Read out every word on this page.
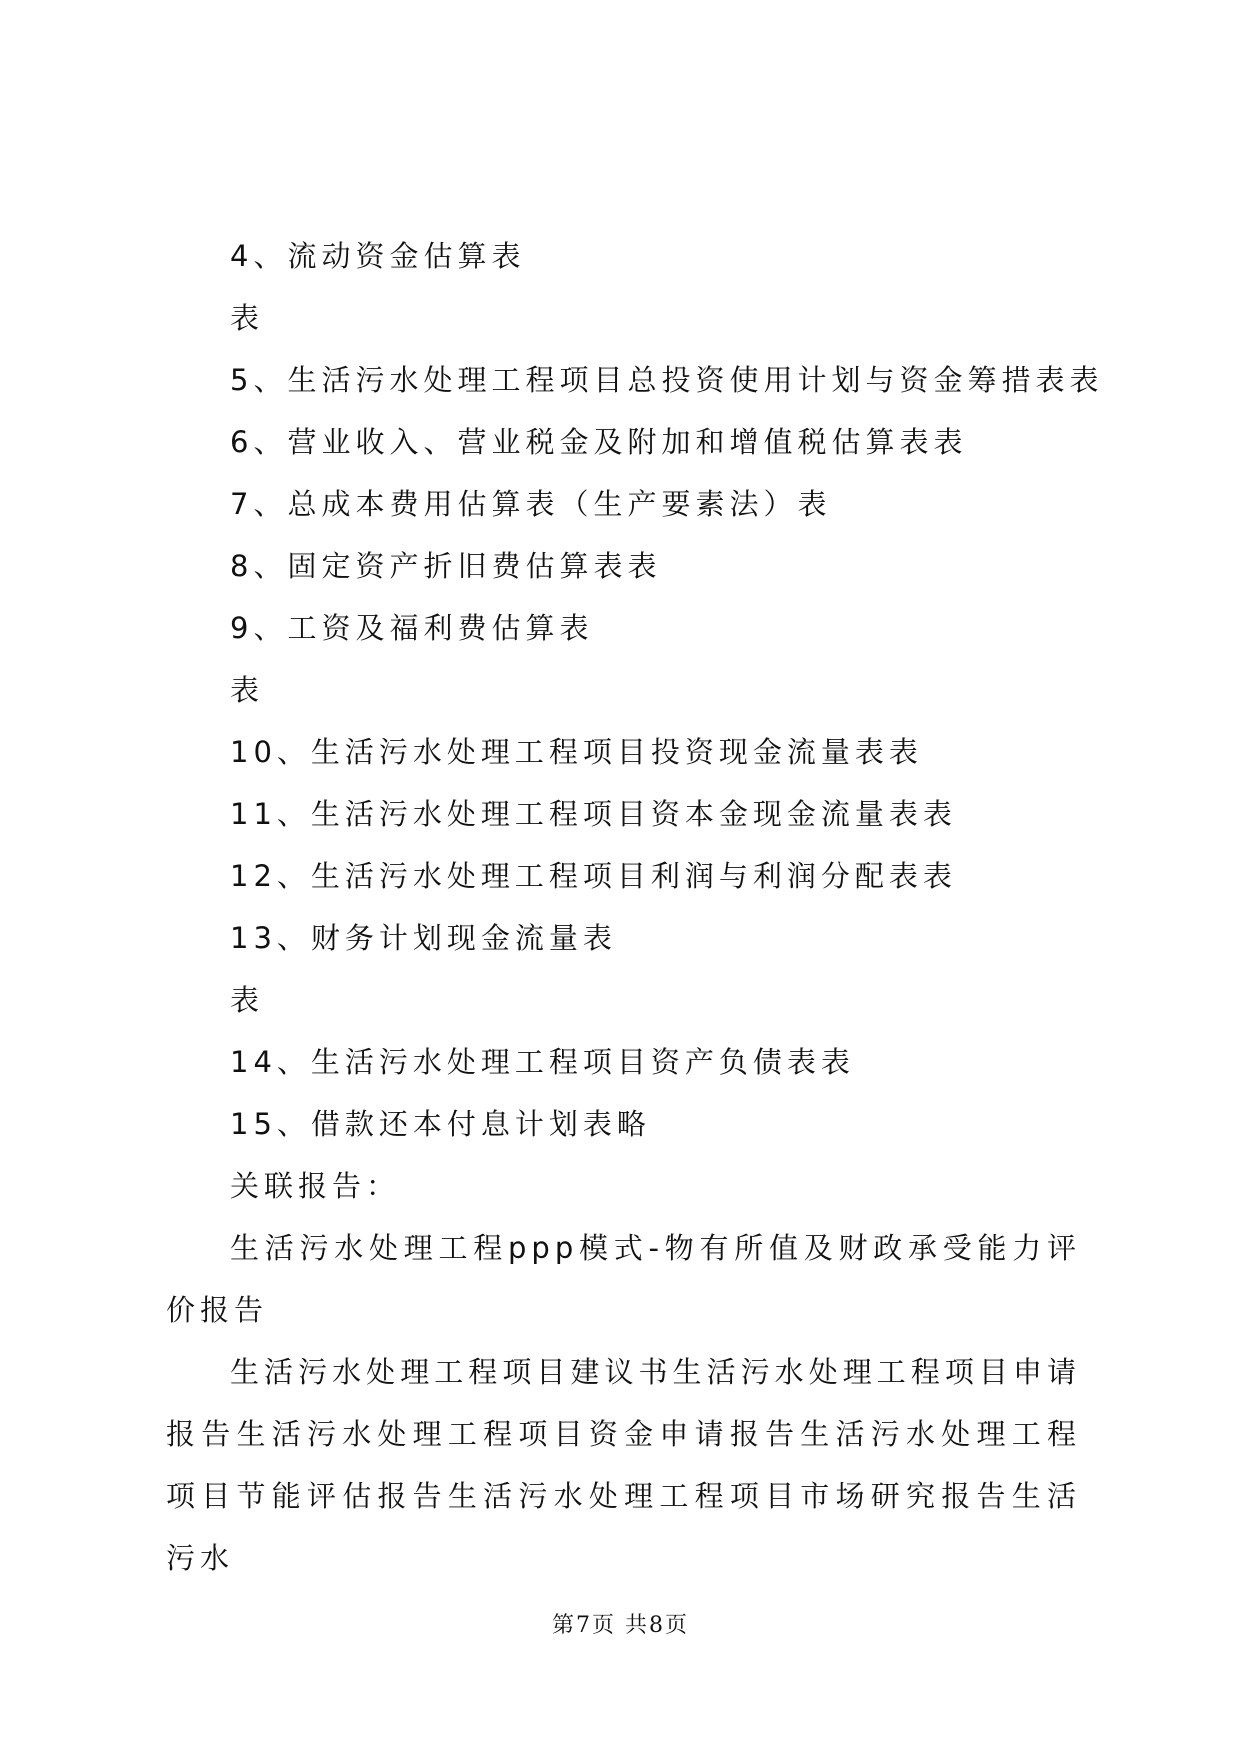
4、流动资金估算表
表
5、生活污水处理工程项目总投资使用计划与资金筹措表表
6、营业收入、营业税金及附加和增值税估算表表
7、总成本费用估算表（生产要素法）表
8、固定资产折旧费估算表表
9、工资及福利费估算表
表
10、生活污水处理工程项目投资现金流量表表
11、生活污水处理工程项目资本金现金流量表表
12、生活污水处理工程项目利润与利润分配表表
13、财务计划现金流量表
表
14、生活污水处理工程项目资产负债表表
15、借款还本付息计划表略
关联报告：
生活污水处理工程ppp模式-物有所值及财政承受能力评价报告
生活污水处理工程项目建议书生活污水处理工程项目申请报告生活污水处理工程项目资金申请报告生活污水处理工程项目节能评估报告生活污水处理工程项目市场研究报告生活污水
第7页 共8页
